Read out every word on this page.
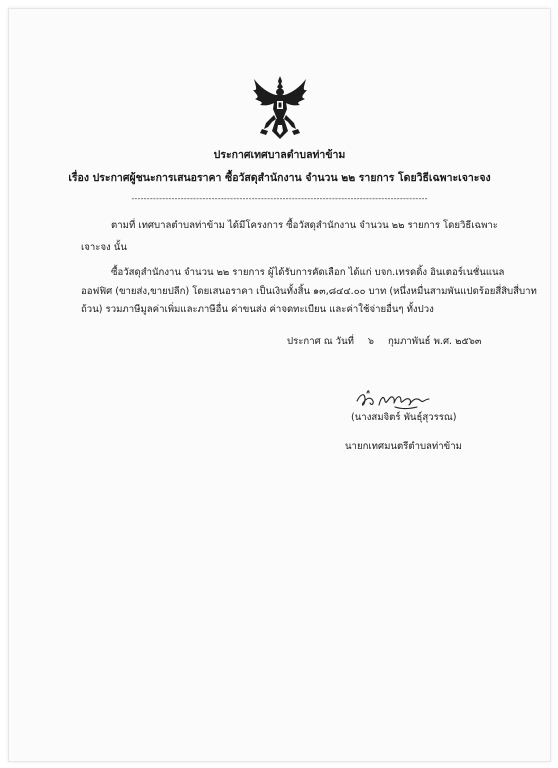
ประกาศเทศบาลตำบลท่าข้าม
เรื่อง ประกาศผู้ชนะการเสนอราคา ซื้อวัสดุสำนักงาน จำนวน ๒๒ รายการ โดยวิธีเฉพาะเจาะจง
------------------------------------------------------------------------------------------------
ตามที่ เทศบาลตำบลท่าข้าม ได้มีโครงการ ซื้อวัสดุสำนักงาน จำนวน ๒๒ รายการ โดยวิธีเฉพาะ
เจาะจง นั้น
ซื้อวัสดุสำนักงาน จำนวน ๒๒ รายการ ผู้ได้รับการคัดเลือก ได้แก่ บจก.เทรดดิ้ง อินเตอร์เนชั่นแนล
ออฟฟิศ (ขายส่ง,ขายปลีก) โดยเสนอราคา เป็นเงินทั้งสิ้น ๑๓,๘๔๔.๐๐ บาท (หนึ่งหมื่นสามพันแปดร้อยสี่สิบสี่บาท
ถ้วน) รวมภาษีมูลค่าเพิ่มและภาษีอื่น ค่าขนส่ง ค่าจดทะเบียน และค่าใช้จ่ายอื่นๆ ทั้งปวง
ประกาศ ณ วันที่ ๖ กุมภาพันธ์ พ.ศ. ๒๕๖๓
(นางสมจิตร์ พันธุ์สุวรรณ)
นายกเทศมนตรีตำบลท่าข้าม
